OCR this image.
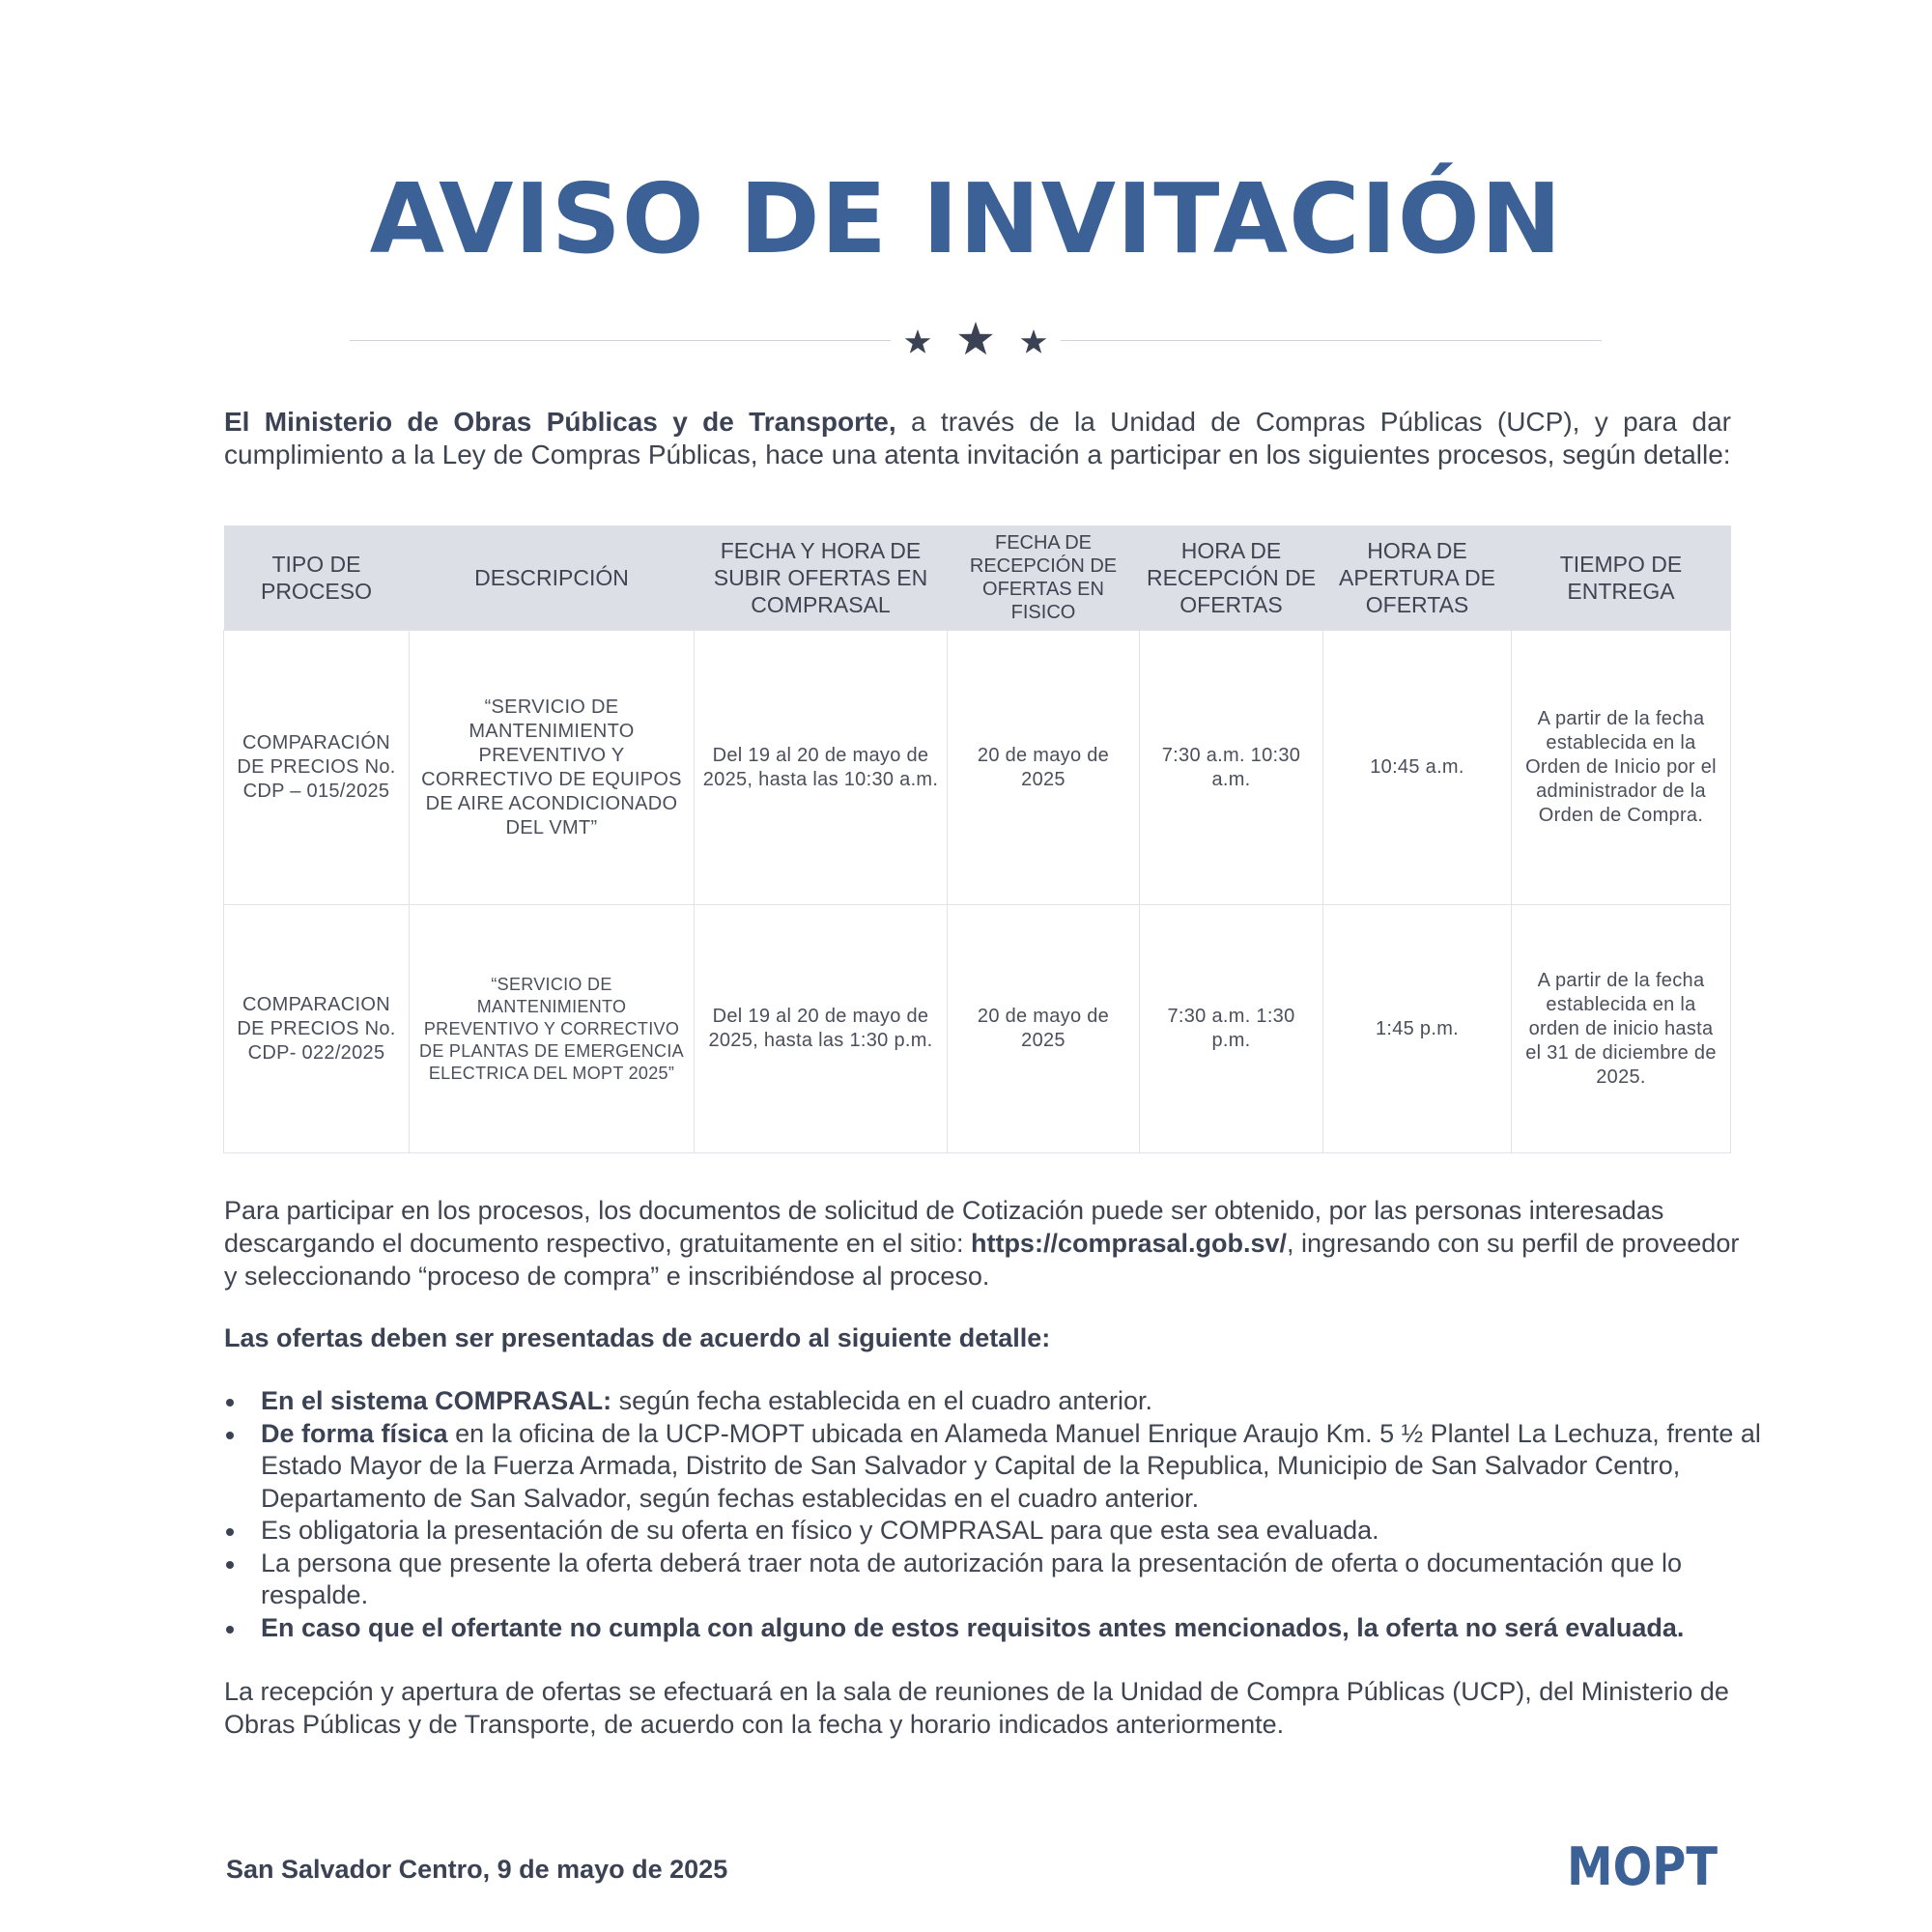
AVISO DE INVITACIÓN

El Ministerio de Obras Públicas y de Transporte, a través de la Unidad de Compras Públicas (UCP), y para dar cumplimiento a la Ley de Compras Públicas, hace una atenta invitación a participar en los siguientes procesos, según detalle:

TIPO DE PROCESO	DESCRIPCIÓN	FECHA Y HORA DE SUBIR OFERTAS EN COMPRASAL	FECHA DE RECEPCIÓN DE OFERTAS EN FISICO	HORA DE RECEPCIÓN DE OFERTAS	HORA DE APERTURA DE OFERTAS	TIEMPO DE ENTREGA
COMPARACIÓN DE PRECIOS No. CDP – 015/2025	“SERVICIO DE MANTENIMIENTO PREVENTIVO Y CORRECTIVO DE EQUIPOS DE AIRE ACONDICIONADO DEL VMT”	Del 19 al 20 de mayo de 2025, hasta las 10:30 a.m.	20 de mayo de 2025	7:30 a.m. 10:30 a.m.	10:45 a.m.	A partir de la fecha establecida en la Orden de Inicio por el administrador de la Orden de Compra.
COMPARACION DE PRECIOS No. CDP- 022/2025	“SERVICIO DE MANTENIMIENTO PREVENTIVO Y CORRECTIVO DE PLANTAS DE EMERGENCIA ELECTRICA DEL MOPT 2025”	Del 19 al 20 de mayo de 2025, hasta las 1:30 p.m.	20 de mayo de 2025	7:30 a.m. 1:30 p.m.	1:45 p.m.	A partir de la fecha establecida en la orden de inicio hasta el 31 de diciembre de 2025.

Para participar en los procesos, los documentos de solicitud de Cotización puede ser obtenido, por las personas interesadas descargando el documento respectivo, gratuitamente en el sitio: https://comprasal.gob.sv/, ingresando con su perfil de proveedor y seleccionando “proceso de compra” e inscribiéndose al proceso.

Las ofertas deben ser presentadas de acuerdo al siguiente detalle:
En el sistema COMPRASAL: según fecha establecida en el cuadro anterior.
De forma física en la oficina de la UCP-MOPT ubicada en Alameda Manuel Enrique Araujo Km. 5 ½ Plantel La Lechuza, frente al Estado Mayor de la Fuerza Armada, Distrito de San Salvador y Capital de la Republica, Municipio de San Salvador Centro, Departamento de San Salvador, según fechas establecidas en el cuadro anterior.
Es obligatoria la presentación de su oferta en físico y COMPRASAL para que esta sea evaluada.
La persona que presente la oferta deberá traer nota de autorización para la presentación de oferta o documentación que lo respalde.
En caso que el ofertante no cumpla con alguno de estos requisitos antes mencionados, la oferta no será evaluada.

La recepción y apertura de ofertas se efectuará en la sala de reuniones de la Unidad de Compra Públicas (UCP), del Ministerio de Obras Públicas y de Transporte, de acuerdo con la fecha y horario indicados anteriormente.

San Salvador Centro, 9 de mayo de 2025	MOPT
